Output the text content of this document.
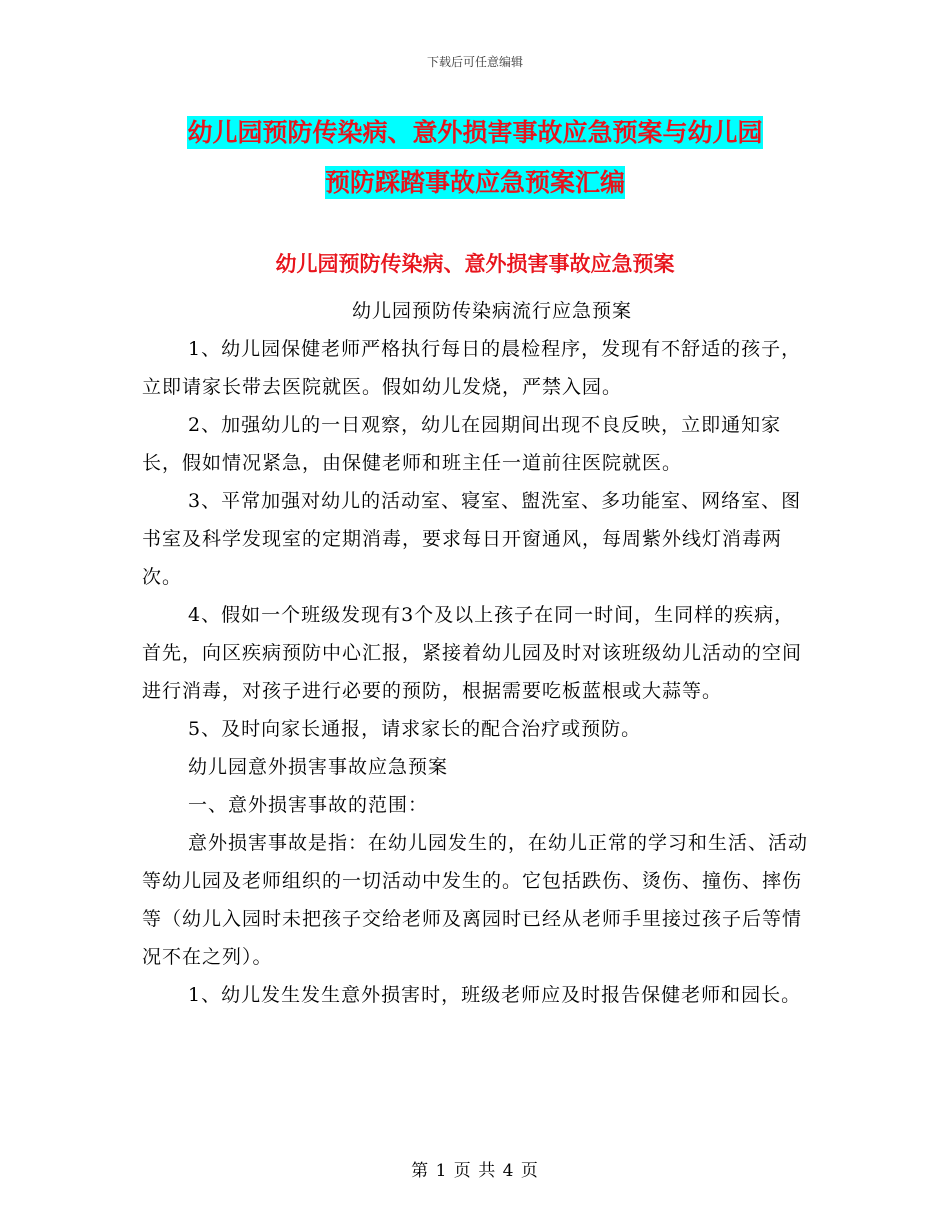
下载后可任意编辑
幼儿园预防传染病、意外损害事故应急预案与幼儿园
预防踩踏事故应急预案汇编
幼儿园预防传染病、意外损害事故应急预案

幼儿园预防传染病流行应急预案

1、幼儿园保健老师严格执行每日的晨检程序，发现有不舒适的孩子，立即请家长带去医院就医。假如幼儿发烧，严禁入园。

2、加强幼儿的一日观察，幼儿在园期间出现不良反映，立即通知家长，假如情况紧急，由保健老师和班主任一道前往医院就医。

3、平常加强对幼儿的活动室、寝室、盥洗室、多功能室、网络室、图书室及科学发现室的定期消毒，要求每日开窗通风，每周紫外线灯消毒两次。

4、假如一个班级发现有3个及以上孩子在同一时间，生同样的疾病，首先，向区疾病预防中心汇报，紧接着幼儿园及时对该班级幼儿活动的空间进行消毒，对孩子进行必要的预防，根据需要吃板蓝根或大蒜等。

5、及时向家长通报，请求家长的配合治疗或预防。

幼儿园意外损害事故应急预案

一、意外损害事故的范围：

意外损害事故是指：在幼儿园发生的，在幼儿正常的学习和生活、活动等幼儿园及老师组织的一切活动中发生的。它包括跌伤、烫伤、撞伤、摔伤等（幼儿入园时未把孩子交给老师及离园时已经从老师手里接过孩子后等情况不在之列）。

1、幼儿发生发生意外损害时，班级老师应及时报告保健老师和园长。

第 1 页 共 4 页
